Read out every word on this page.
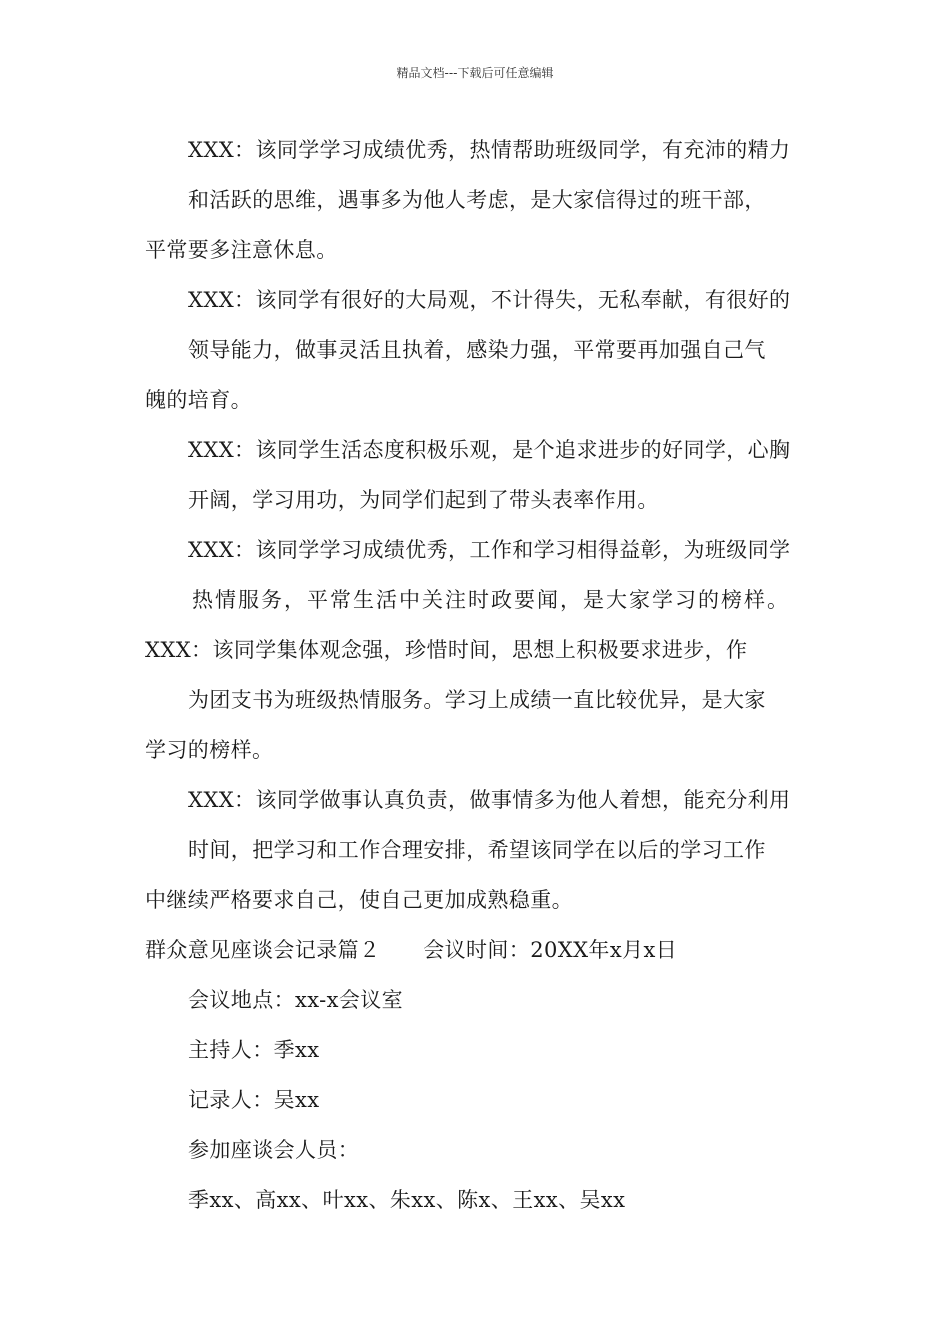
精品文档---下载后可任意编辑
XXX：该同学学习成绩优秀，热情帮助班级同学，有充沛的精力
和活跃的思维，遇事多为他人考虑，是大家信得过的班干部，
平常要多注意休息。
XXX：该同学有很好的大局观，不计得失，无私奉献，有很好的
领导能力，做事灵活且执着，感染力强，平常要再加强自己气
魄的培育。
XXX：该同学生活态度积极乐观，是个追求进步的好同学，心胸
开阔，学习用功，为同学们起到了带头表率作用。
XXX：该同学学习成绩优秀，工作和学习相得益彰，为班级同学
热情服务，平常生活中关注时政要闻，是大家学习的榜样。
XXX：该同学集体观念强，珍惜时间，思想上积极要求进步，作
为团支书为班级热情服务。学习上成绩一直比较优异，是大家
学习的榜样。
XXX：该同学做事认真负责，做事情多为他人着想，能充分利用
时间，把学习和工作合理安排，希望该同学在以后的学习工作
中继续严格要求自己，使自己更加成熟稳重。
群众意见座谈会记录篇２　　会议时间：20XX年x月x日
会议地点：xx-x会议室
主持人：季xx
记录人：吴xx
参加座谈会人员：
季xx、高xx、叶xx、朱xx、陈x、王xx、吴xx
